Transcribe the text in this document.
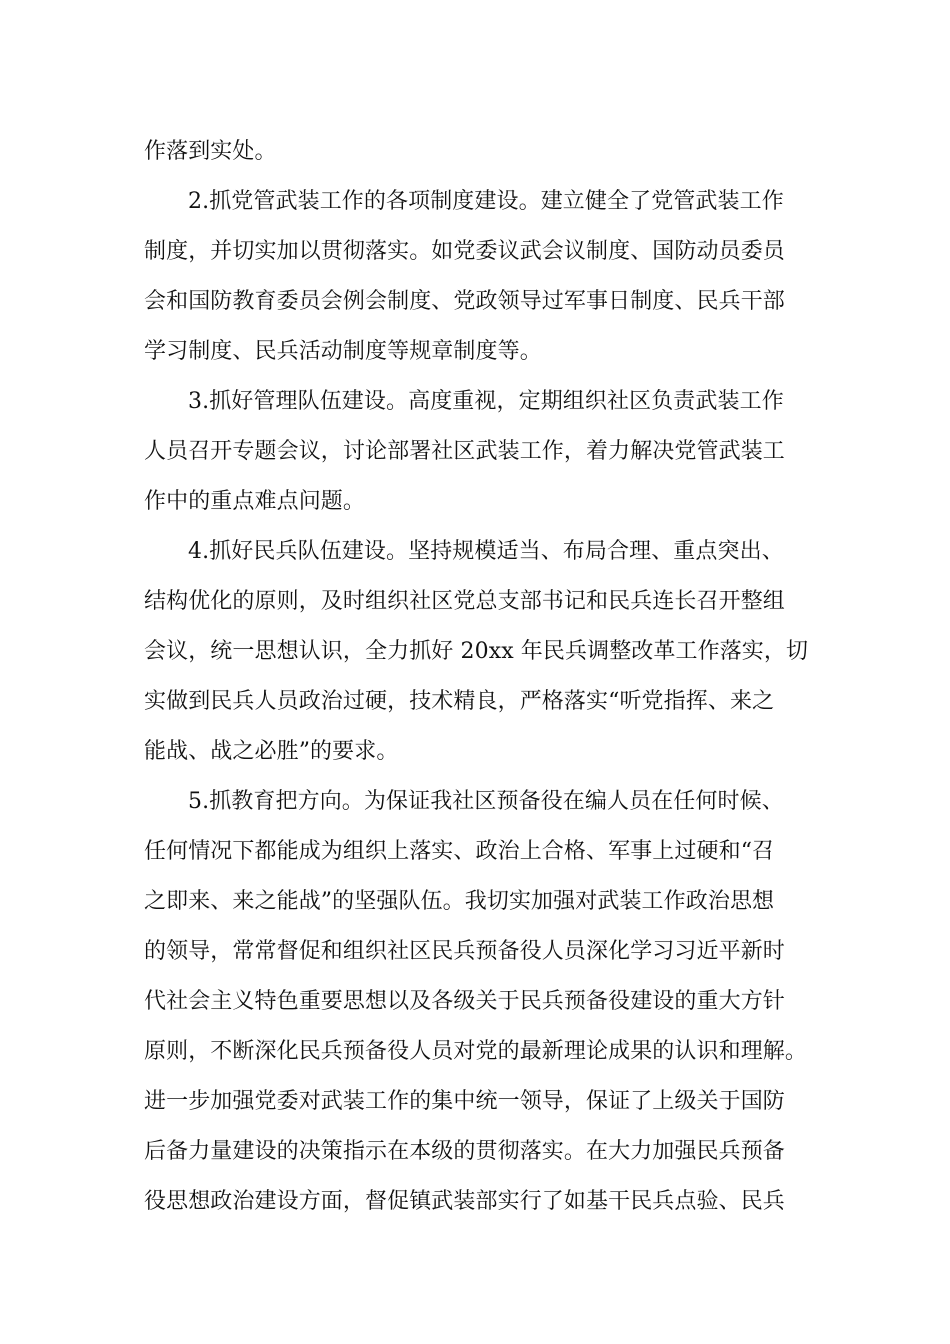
作落到实处。
2.抓党管武装工作的各项制度建设。建立健全了党管武装工作
制度，并切实加以贯彻落实。如党委议武会议制度、国防动员委员
会和国防教育委员会例会制度、党政领导过军事日制度、民兵干部
学习制度、民兵活动制度等规章制度等。
3.抓好管理队伍建设。高度重视，定期组织社区负责武装工作
人员召开专题会议，讨论部署社区武装工作，着力解决党管武装工
作中的重点难点问题。
4.抓好民兵队伍建设。坚持规模适当、布局合理、重点突出、
结构优化的原则，及时组织社区党总支部书记和民兵连长召开整组
会议，统一思想认识，全力抓好 20xx 年民兵调整改革工作落实，切
实做到民兵人员政治过硬，技术精良，严格落实“听党指挥、来之
能战、战之必胜”的要求。
5.抓教育把方向。为保证我社区预备役在编人员在任何时候、
任何情况下都能成为组织上落实、政治上合格、军事上过硬和“召
之即来、来之能战”的坚强队伍。我切实加强对武装工作政治思想
的领导，常常督促和组织社区民兵预备役人员深化学习习近平新时
代社会主义特色重要思想以及各级关于民兵预备役建设的重大方针
原则，不断深化民兵预备役人员对党的最新理论成果的认识和理解。
进一步加强党委对武装工作的集中统一领导，保证了上级关于国防
后备力量建设的决策指示在本级的贯彻落实。在大力加强民兵预备
役思想政治建设方面，督促镇武装部实行了如基干民兵点验、民兵
